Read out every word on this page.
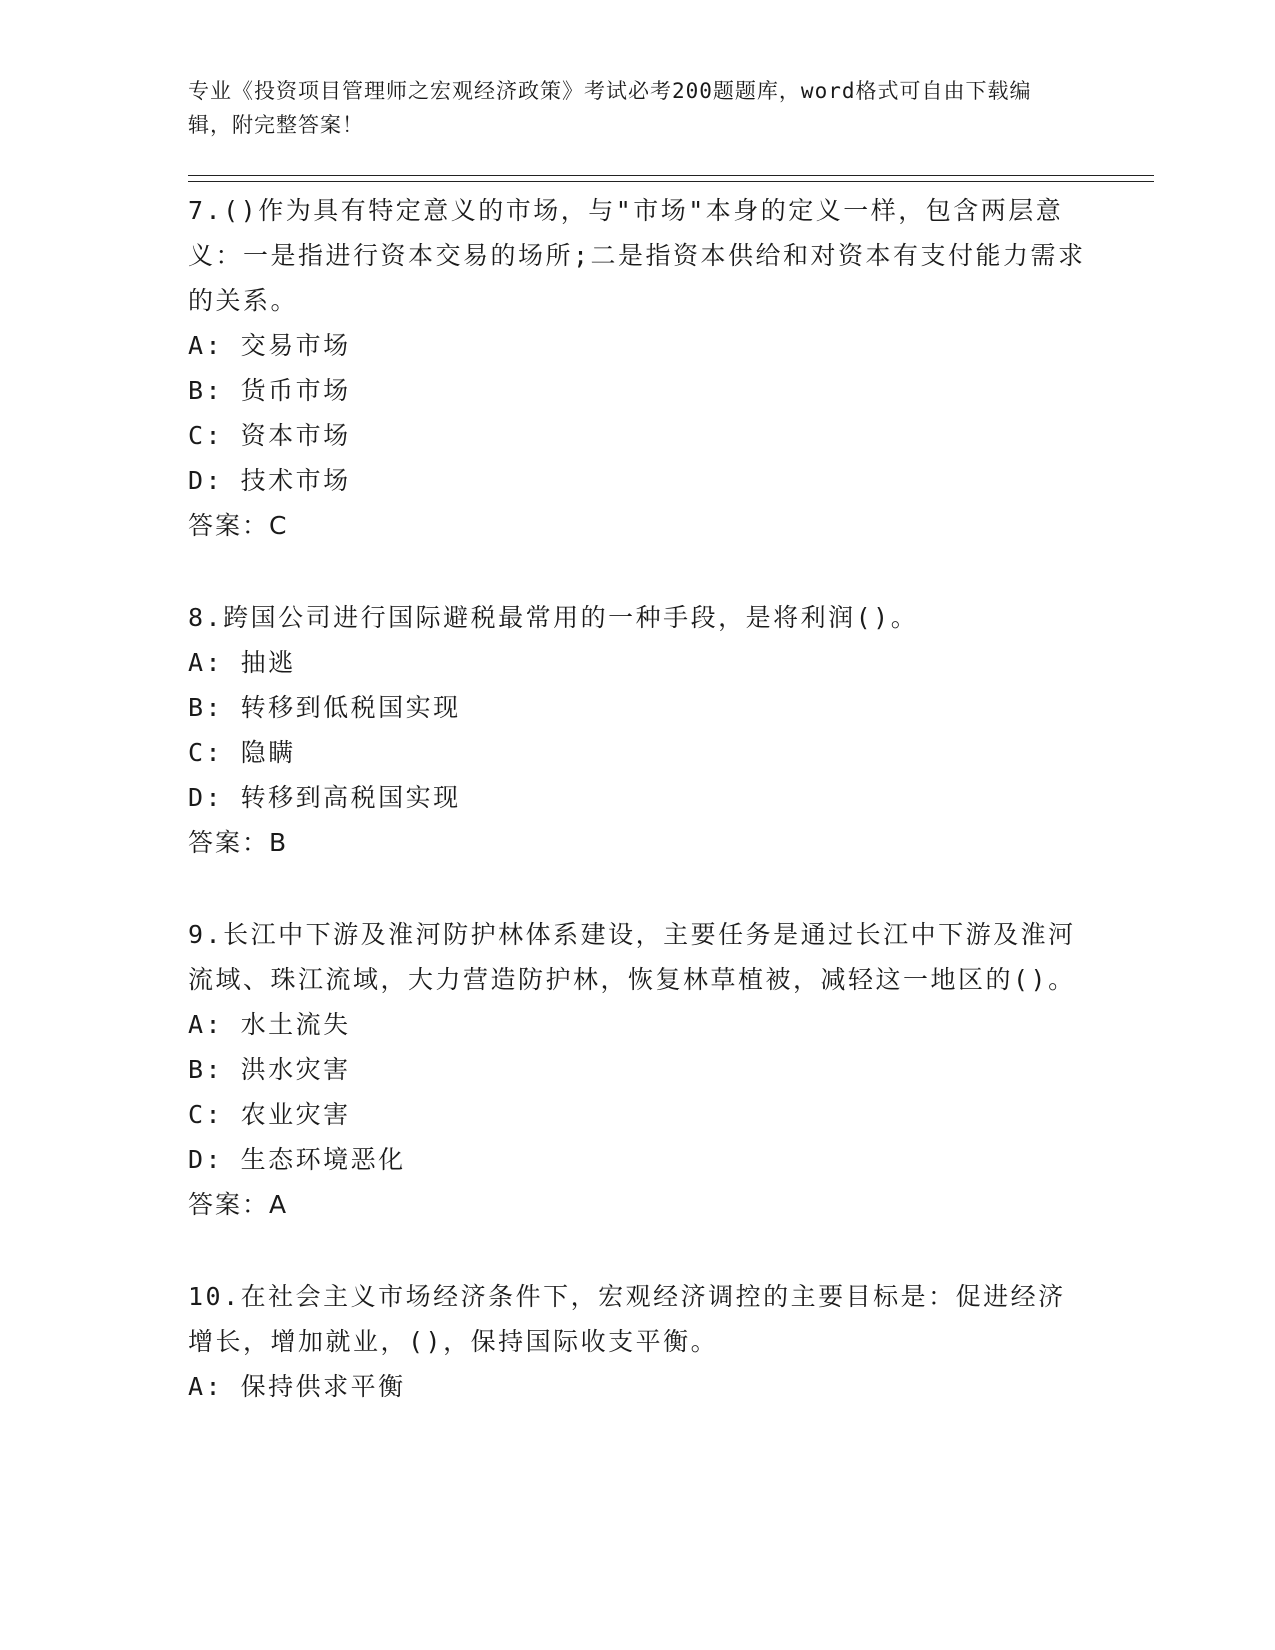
专业《投资项目管理师之宏观经济政策》考试必考200题题库，word格式可自由下载编辑，附完整答案！

7.()作为具有特定意义的市场，与"市场"本身的定义一样，包含两层意义：一是指进行资本交易的场所;二是指资本供给和对资本有支付能力需求的关系。

A: 交易市场

B: 货币市场

C: 资本市场

D: 技术市场

答案：C

8.跨国公司进行国际避税最常用的一种手段，是将利润()。

A: 抽逃

B: 转移到低税国实现

C: 隐瞒

D: 转移到高税国实现

答案：B

9.长江中下游及淮河防护林体系建设，主要任务是通过长江中下游及淮河流域、珠江流域，大力营造防护林，恢复林草植被，减轻这一地区的()。

A: 水土流失

B: 洪水灾害

C: 农业灾害

D: 生态环境恶化

答案：A

10.在社会主义市场经济条件下，宏观经济调控的主要目标是：促进经济增长，增加就业，()，保持国际收支平衡。

A: 保持供求平衡
